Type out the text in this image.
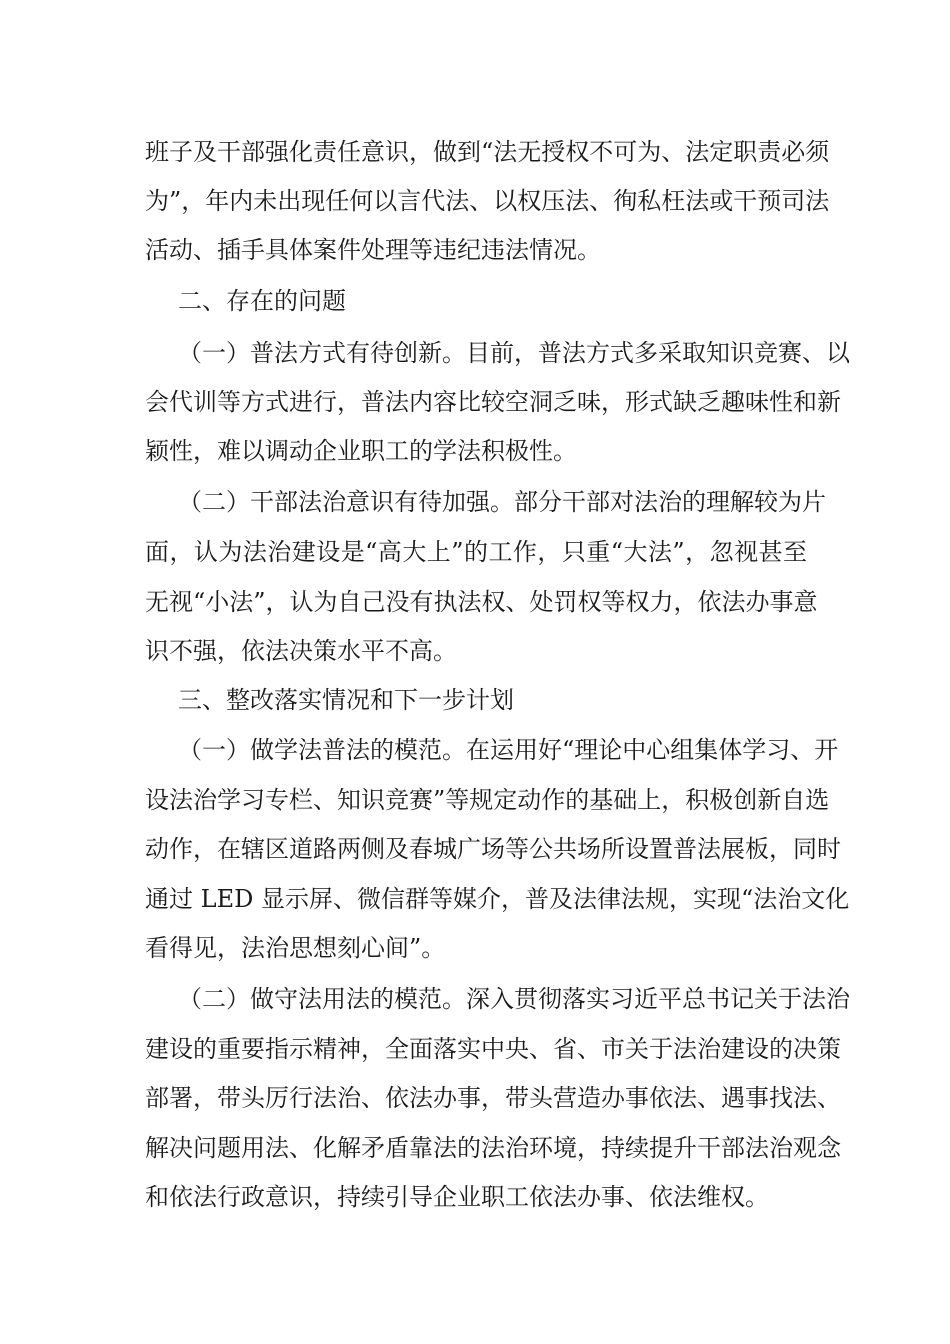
班子及干部强化责任意识，做到“法无授权不可为、法定职责必须
为”，年内未出现任何以言代法、以权压法、徇私枉法或干预司法
活动、插手具体案件处理等违纪违法情况。
二、存在的问题
（一）普法方式有待创新。目前，普法方式多采取知识竞赛、以
会代训等方式进行，普法内容比较空洞乏味，形式缺乏趣味性和新
颖性，难以调动企业职工的学法积极性。
（二）干部法治意识有待加强。部分干部对法治的理解较为片
面，认为法治建设是“高大上”的工作，只重“大法”，忽视甚至
无视“小法”，认为自己没有执法权、处罚权等权力，依法办事意
识不强，依法决策水平不高。
三、整改落实情况和下一步计划
（一）做学法普法的模范。在运用好“理论中心组集体学习、开
设法治学习专栏、知识竞赛”等规定动作的基础上，积极创新自选
动作，在辖区道路两侧及春城广场等公共场所设置普法展板，同时
通过 LED 显示屏、微信群等媒介，普及法律法规，实现“法治文化
看得见，法治思想刻心间”。
（二）做守法用法的模范。深入贯彻落实习近平总书记关于法治
建设的重要指示精神，全面落实中央、省、市关于法治建设的决策
部署，带头厉行法治、依法办事，带头营造办事依法、遇事找法、
解决问题用法、化解矛盾靠法的法治环境，持续提升干部法治观念
和依法行政意识，持续引导企业职工依法办事、依法维权。
